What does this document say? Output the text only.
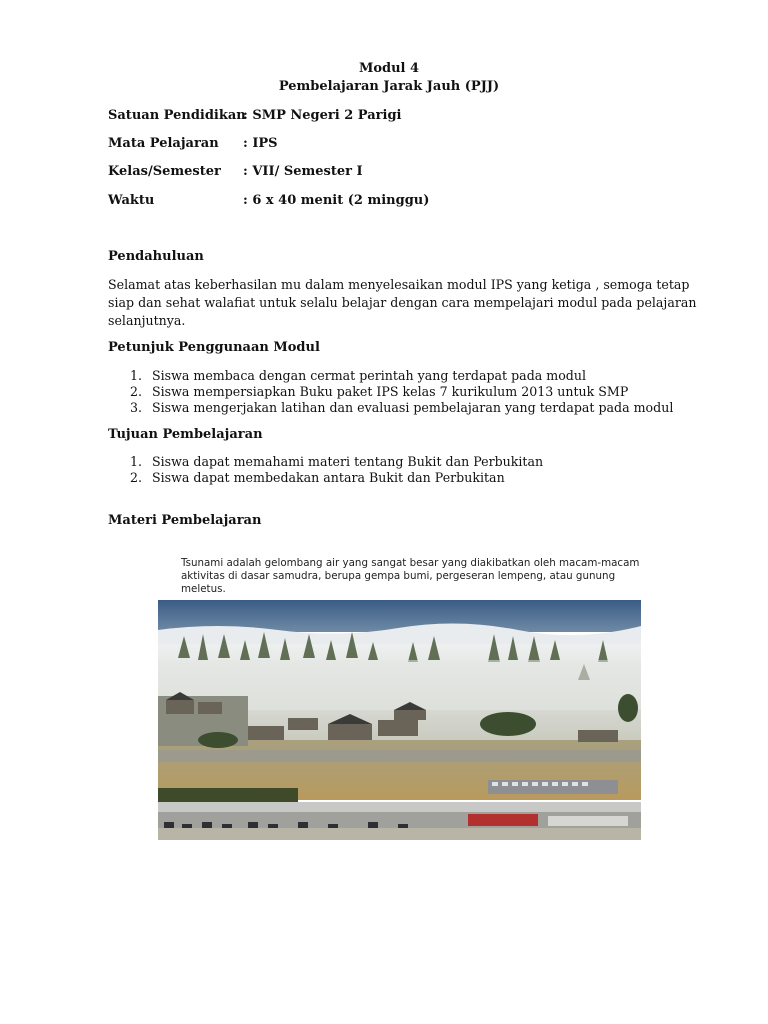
Modul 4
Pembelajaran Jarak Jauh (PJJ)
Satuan Pendidikan
: SMP Negeri 2 Parigi
Mata Pelajaran : IPS
Kelas/Semester : VII/ Semester I
Waktu	: 6 x 40 menit (2 minggu)
Pendahuluan
Selamat atas keberhasilan mu dalam menyelesaikan modul IPS yang ketiga , semoga tetap siap dan sehat walafiat untuk selalu belajar dengan cara mempelajari modul pada pelajaran selanjutnya.
Petunjuk Penggunaan Modul
1. Siswa membaca dengan cermat perintah yang terdapat pada modul
2. Siswa mempersiapkan Buku paket IPS kelas 7 kurikulum 2013 untuk SMP
3. Siswa mengerjakan latihan dan evaluasi pembelajaran yang terdapat pada modul
Tujuan Pembelajaran
1. Siswa dapat memahami materi tentang Bukit dan Perbukitan
2. Siswa dapat membedakan antara Bukit dan Perbukitan
Materi Pembelajaran
Tsunami adalah gelombang air yang sangat besar yang diakibatkan oleh macam-macam aktivitas di dasar samudra, berupa gempa bumi, pergeseran lempeng, atau gunung meletus.
